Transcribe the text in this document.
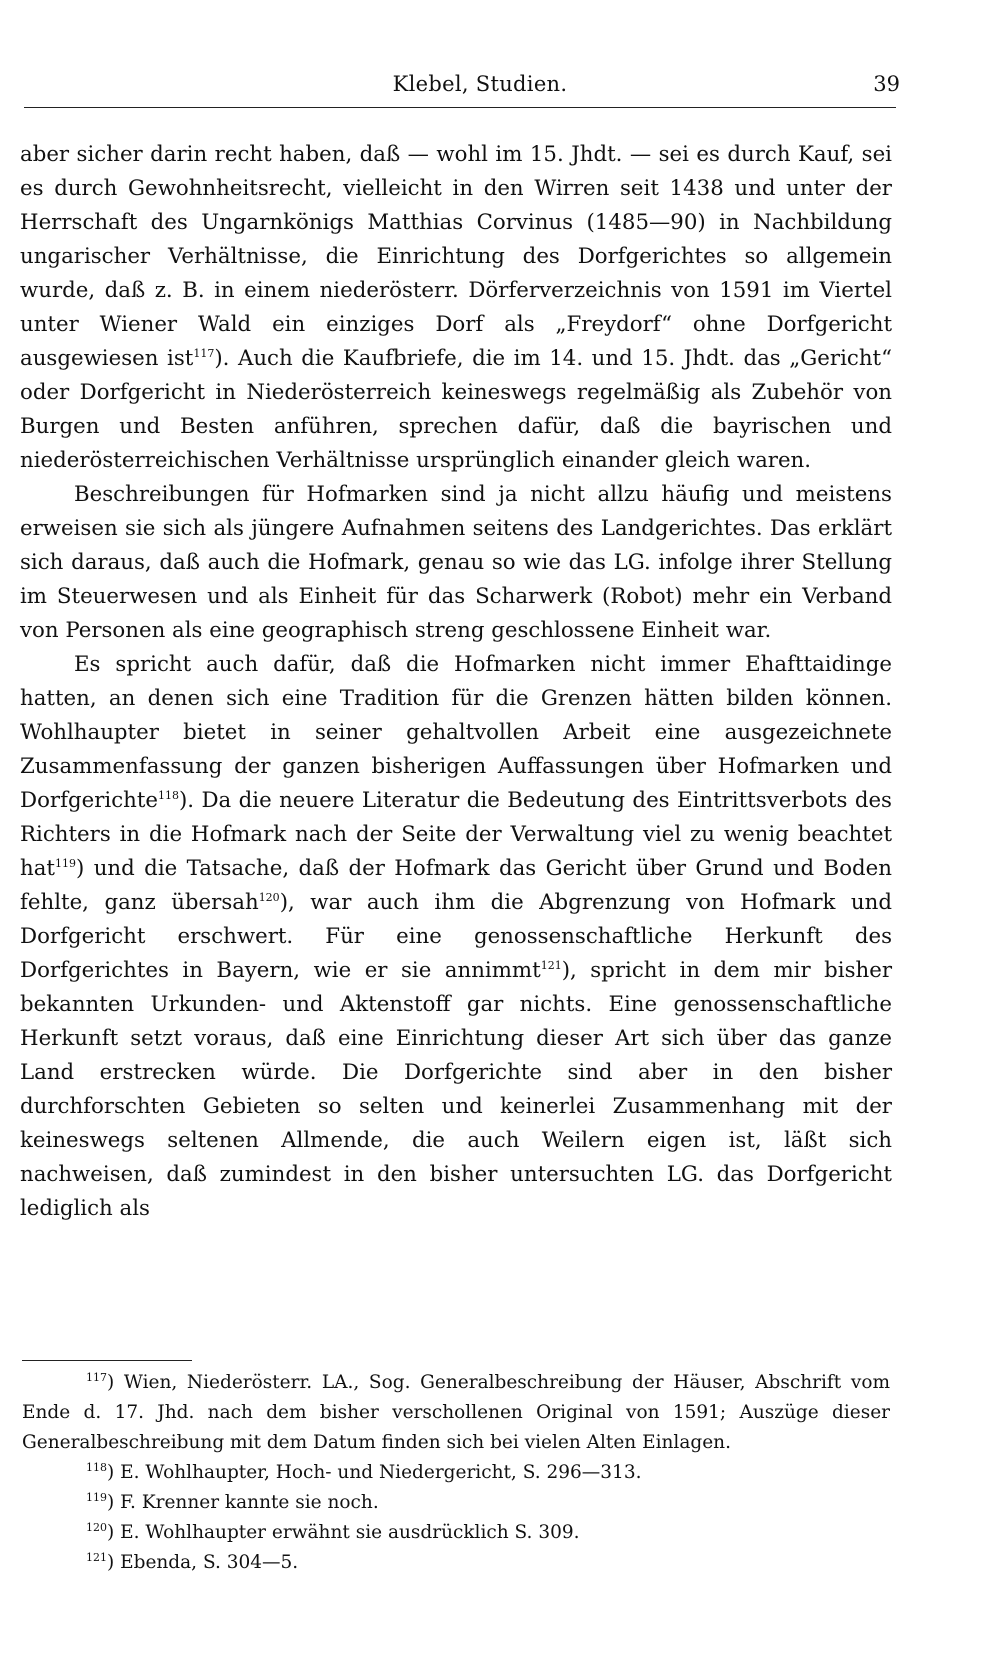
Klebel, Studien.	39

aber sicher darin recht haben, daß — wohl im 15. Jhdt. — sei es durch Kauf, sei es durch Gewohnheitsrecht, vielleicht in den Wirren seit 1438 und unter der Herrschaft des Ungarnkönigs Matthias Corvinus (1485—90) in Nachbildung ungarischer Verhältnisse, die Einrichtung des Dorfgerichtes so allgemein wurde, daß z. B. in einem niederösterr. Dörferverzeichnis von 1591 im Viertel unter Wiener Wald ein einziges Dorf als „Freydorf“ ohne Dorfgericht ausgewiesen ist$^{117}$). Auch die Kaufbriefe, die im 14. und 15. Jhdt. das „Gericht“ oder Dorfgericht in Niederösterreich keineswegs regelmäßig als Zubehör von Burgen und Besten anführen, sprechen dafür, daß die bayrischen und niederösterreichischen Verhältnisse ursprünglich einander gleich waren.

Beschreibungen für Hofmarken sind ja nicht allzu häufig und meistens erweisen sie sich als jüngere Aufnahmen seitens des Landgerichtes. Das erklärt sich daraus, daß auch die Hofmark, genau so wie das LG. infolge ihrer Stellung im Steuerwesen und als Einheit für das Scharwerk (Robot) mehr ein Verband von Personen als eine geographisch streng geschlossene Einheit war.

Es spricht auch dafür, daß die Hofmarken nicht immer Ehafttaidinge hatten, an denen sich eine Tradition für die Grenzen hätten bilden können. Wohlhaupter bietet in seiner gehaltvollen Arbeit eine ausgezeichnete Zusammenfassung der ganzen bisherigen Auffassungen über Hofmarken und Dorfgerichte$^{118}$). Da die neuere Literatur die Bedeutung des Eintrittsverbots des Richters in die Hofmark nach der Seite der Verwaltung viel zu wenig beachtet hat$^{119}$) und die Tatsache, daß der Hofmark das Gericht über Grund und Boden fehlte, ganz übersah$^{120}$), war auch ihm die Abgrenzung von Hofmark und Dorfgericht erschwert. Für eine genossenschaftliche Herkunft des Dorfgerichtes in Bayern, wie er sie annimmt$^{121}$), spricht in dem mir bisher bekannten Urkunden- und Aktenstoff gar nichts. Eine genossenschaftliche Herkunft setzt voraus, daß eine Einrichtung dieser Art sich über das ganze Land erstrecken würde. Die Dorfgerichte sind aber in den bisher durchforschten Gebieten so selten und keinerlei Zusammenhang mit der keineswegs seltenen Allmende, die auch Weilern eigen ist, läßt sich nachweisen, daß zumindest in den bisher untersuchten LG. das Dorfgericht lediglich als

$^{117}$) Wien, Niederösterr. LA., Sog. Generalbeschreibung der Häuser, Abschrift vom Ende d. 17. Jhd. nach dem bisher verschollenen Original von 1591; Auszüge dieser Generalbeschreibung mit dem Datum finden sich bei vielen Alten Einlagen.

$^{118}$) E. Wohlhaupter, Hoch- und Niedergericht, S. 296—313.

$^{119}$) F. Krenner kannte sie noch.

$^{120}$) E. Wohlhaupter erwähnt sie ausdrücklich S. 309.

$^{121}$) Ebenda, S. 304—5.
